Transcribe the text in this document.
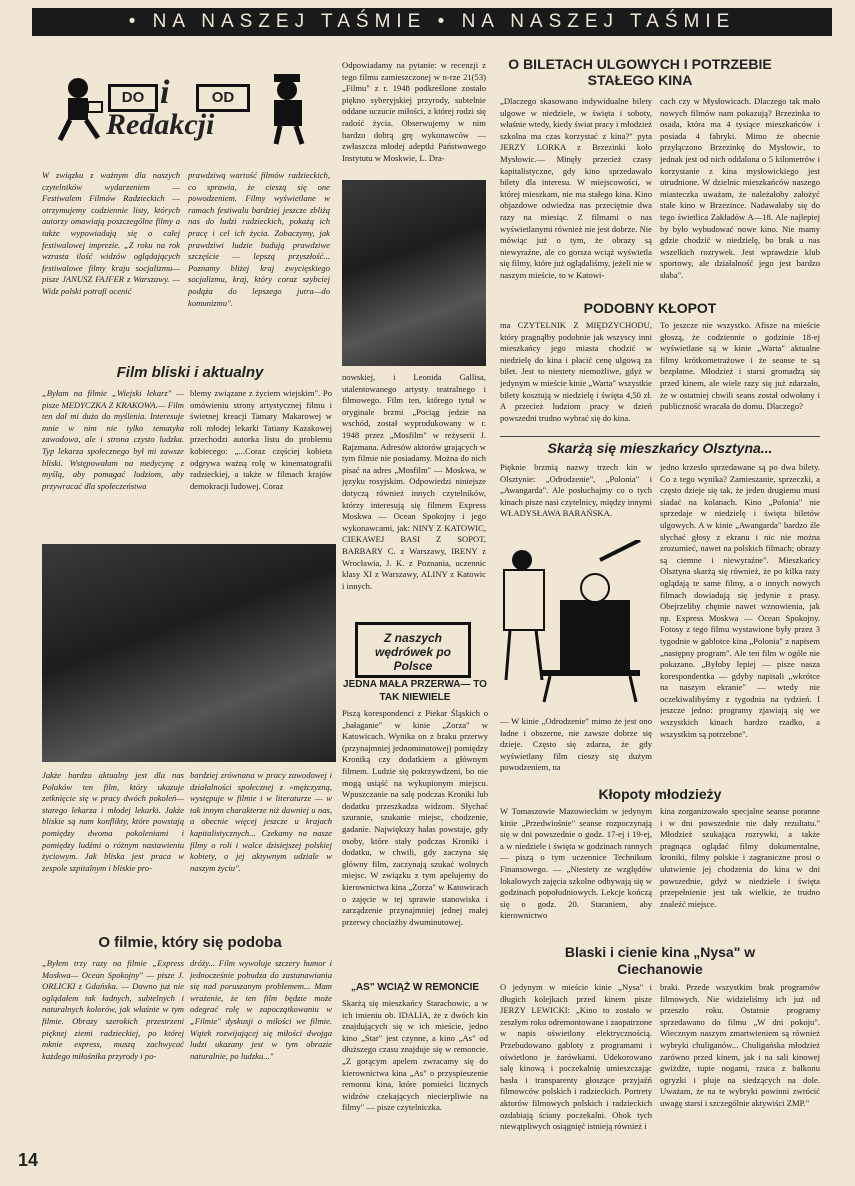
• NA NASZEJ TAŚMIE • NA NASZEJ TAŚMIE
DO i	OD
Redakcji
W związku z ważnym dla naszych czytelników wydarzeniem — Festiwalem Filmów Radzieckich — otrzymujemy codziennie listy, których autorzy omawiają poszczególne filmy a także wypowiadają się o całej festiwalowej imprezie. „Z roku na rok wzrasta ilość widzów oglądających festiwalowe filmy kraju socjalizmu—pisze JANUSZ FAJFER z Warszawy. — Widz polski potrafi ocenić
prawdziwą wartość filmów radzieckich, co sprawia, że cieszą się one powodzeniem. Filmy wyświetlane w ramach festiwalu bardziej jeszcze zbliżą nas do ludzi radzieckich, pokażą ich pracę i cel ich życia. Zobaczymy, jak prawdziwi ludzie budują prawdziwe szczęście — lepszą przyszłość... Poznamy bliżej kraj zwycięskiego socjalizmu, kraj, który coraz szybciej podąża do lepszego jutra—do komunizmu".
Film bliski i aktualny
„Byłam na filmie „Wiejski lekarz" — pisze MEDYCZKA Z KRAKOWA.— Film ten dał mi dużo do myślenia. Interesuje mnie w nim nie tylko tematyka zawodowa, ale i strona czysto ludzka. Typ lekarza społecznego był mi zawsze bliski. Wstępowałam na medycynę z myślą, aby pomagać ludziom, aby przywracać dla społeczeństwa
blemy związane z życiem wiejskim". Po omówieniu strony artystycznej filmu i świetnej kreacji Tamary Makarowej w roli młodej lekarki Tatiany Kazakowej przechodzi autorka listu do problemu kobiecego: „...Coraz częściej kobieta odgrywa ważną rolę w kinematografii radzieckiej, a także w filmach krajów demokracji ludowej. Coraz
Jakże bardzo aktualny jest dla nas Polaków ten film, który ukazuje zetknięcie się w pracy dwóch pokoleń—starego lekarza i młodej lekarki. Jakże bliskie są nam konflikty, które powstają pomiędzy dwoma pokoleniami i pomiędzy ludźmi o różnym nastawieniu życiowym. Jak bliska jest praca w zespole szpitalnym i bliskie pro-
bardziej zrównana w pracy zawodowej i działalności społecznej z »mężczyzną, występuje w filmie i w literaturze — w tak innym charakterze niż dawniej u nas, a obecnie więcej jeszcze u krajach kapitalistycznych... Czekamy na nasze filmy o roli i walce dzisiejszej polskiej kobiety, o jej aktywnym udziale w naszym życiu".
O filmie, który się podoba
„Byłem trzy razy na filmie „Express Moskwa— Ocean Spokojny" — pisze J. ORLICKI z Gdańska. — Dawno już nie oglądałem tak ładnych, subtelnych i naturalnych kolorów, jak właśnie w tym filmie. Obrazy szerokich przestrzeni pięknej ziemi radzieckiej, po której mknie express, muszą zachwycać każdego miłośnika przyrody i po-
dróży... Film wywołuje szczery humor i jednocześnie pobudza do zastanawiania się nad poruszanym problemem... Mam wrażenie, że ten film będzie może odegrać rolę w zapoczątkowaniu w „Filmie" dyskusji o miłości we filmie. Wątek rozwijającej się miłości dwojga ludzi ukazany jest w tym obrazie naturalnie, po ludzku..."
Odpowiadamy na pytanie: w recenzji z tego filmu zamieszczonej w n-rze 21(53) „Filmu" z r. 1948 podkreślone zostało piękno syberyjskiej przyrody, subtelnie oddane uczucie miłości, z której rodzi się radość życia. Obserwujemy w nim bardzo dobrą grę wykonawców — zwłaszcza młodej adeptki Państwowego Instytutu w Moskwie, L. Dra-
nowskiej, i Leonida Gallisa, utalentowanego artysty teatralnego i filmowego. Film ten, którego tytuł w oryginale brzmi „Pociąg jedzie na wschód, został wyprodukowany w r. 1948 przez „Mosfilm" w reżyserii J. Rajzmana. Adresów aktorów grających w tym filmie nie posiadamy. Można do nich pisać na adres „Mosfilm" — Moskwa, w języku rosyjskim. Odpowiedzi niniejsze dotyczą również innych czytelników, którzy interesują się filmem Express Moskwa — Ocean Spokojny i jego wykonawcami, jak: NINY Z KATOWIC, CIEKAWEJ BASI Z SOPOT, BARBARY C. z Warszawy, IRENY z Wrocławia, J. K. z Poznania, uczennic klasy XI z Warszawy, ALINY z Katowic i innych.
Z naszych wędrówek po Polsce
JEDNA MAŁA PRZERWA— TO TAK NIEWIELE
Piszą korespondenci z Piekar Śląskich o „bałaganie" w kinie „Zorza" w Katowicach. Wynika on z braku przerwy (przynajmniej jednominutowej) pomiędzy Kroniką czy dodatkiem a głównym filmem. Ludzie się pokrzywdzeni, bo nie mogą usiąść na wykupionym miejscu. Wpuszczanie na salę podczas Kroniki lub dodatku przeszkadza widzom. Słychać szuranie, szukanie miejsc, chodzenie, gadanie. Największy hałas powstaje, gdy osoby, które stały podczas Kroniki i dodatku, w chwili, gdy zaczyna się główny film, zaczynają szukać wolnych miejsc. W związku z tym apelujemy do kierownictwa kina „Zorza" w Katowicach o zajęcie w tej sprawie stanowiska i zarządzenie przynajmniej jednej małej przerwy chociażby dwuminutowej.
„AS" WCIĄŻ W REMONCIE
Skarżą się mieszkańcy Starachowic, a w ich imieniu ob. IDALIA, że z dwóch kin znajdujących się w ich mieście, jedno kino „Star" jest czynne, a kino „As" od dłuższego czasu znajduje się w remoncie. „Z gorącym apelem zwracamy się do kierownictwa kina „As" o przyspieszenie remontu kina, które pomieści licznych widzów czekających niecierpliwie na filmy" — pisze czytelniczka.
O BILETACH ULGOWYCH I POTRZEBIE STAŁEGO KINA
„Dlaczego skasowano indywidualne bilety ulgowe w niedziele, w święta i soboty, właśnie wtedy, kiedy świat pracy i młodzież szkolna ma czas korzystać z kina?" pyta JERZY LORKA z Brzezinki koło Mysłowic.— Minęły przecież czasy kapitalistyczne, gdy kino sprzedawało bilety dla interesu. W miejscowości, w której mieszkam, nie ma stałego kina. Kino objazdowe odwiedza nas przeciętnie dwa razy na miesiąc. Z filmami o nas wyświetlanymi również nie jest dobrze. Nie mówiąc już o tym, że obrazy są niewyraźne, ale co gorsza wciąż wyświetla się filmy, które już oglądaliśmy, jeżeli nie w naszym mieście, to w Katowi-
cach czy w Mysłowicach. Dlaczego tak mało nowych filmów nam pokazują? Brzezinka to osada, która ma 4 tysiące mieszkańców i posiada 4 fabryki. Mimo że obecnie przyłączono Brzezinkę do Mysłowic, to jednak jest od nich oddalona o 5 kilometrów i korzystanie z kina mysłowickiego jest utrudnione. W dzielnic mieszkańców naszego miasteczka uważam, że należałoby założyć stałe kino w Brzezince. Nadawałaby się do tego świetlica Zakładów A—18. Ale najlepiej by było wybudować nowe kino. Nie mamy gdzie chodzić w niedzielę, bo brak u nas wszelkich rozrywek. Jest wprawdzie klub sportowy, ale działalność jego jest bardzo słaba".
PODOBNY KŁOPOT
ma CZYTELNIK Z MIĘDZYCHODU, który pragnąłby podobnie jak wszyscy inni mieszkańcy jego miasta chodzić w niedzielę do kina i płacić cenę ulgową za bilet. Jest to niestety niemożliwe, gdyż w jedynym w mieście kinie „Warta" wszystkie bilety kosztują w niedzielę i święta 4,50 zł. A przecież ludziom pracy w dzień powszedni trudno wybrać się do kina.
To jeszcze nie wszystko. Afisze na mieście głoszą, że codziennie o godzinie 18-ej wyświetlane są w kinie „Warta" aktualne filmy krótkometrażowe i że seanse te są bezpłatne. Młodzież i starsi gromadzą się przed kinem, ale wiele razy się już zdarzało, że w ostatniej chwili seans został odwołany i publiczność wracała do domu. Dlaczego?
Skarżą się mieszkańcy Olsztyna...
Pięknie brzmią nazwy trzech kin w Olsztynie: „Odrodzenie", „Polonia" i „Awangarda". Ale posłuchajmy co o tych kinach pisze nasi czytelnicy, między innymi WŁADYSŁAWA BARAŃSKA.
— W kinie „Odrodzenie" mimo że jest ono ładne i obszerne, nie zawsze dobrze się dzieje. Często się zdarza, że gdy wyświetlany film cieszy się dużym powodzeniem, na
jedno krzesło sprzedawane są po dwa bilety. Co z tego wynika? Zamieszanie, sprzeczki, a często dzieje się tak, że jeden drugiemu musi siadać na kolanach. Kino „Polonia" nie sprzedaje w niedzielę i święta biletów ulgowych. A w kinie „Awangarda" bardzo źle słychać głosy z ekranu i nic nie można zrozumieć, nawet na polskich filmach; obrazy są ciemne i niewyraźne". Mieszkańcy Olsztyna skarżą się również, że po kilka razy oglądają te same filmy, a o innych nowych filmach dowiadują się jedynie z prasy. Obejrzeliby chętnie nawet wznowienia, jak np. Express Moskwa — Ocean Spokojny. Fotosy z tego filmu wystawione były przez 3 tygodnie w gablotce kina „Polonia" z napisem „następny program". Ale ten film w ogóle nie pokazano. „Byłoby lepiej — pisze nasza korespondentka — gdyby napisali „wkrótce na naszym ekranie" — wtedy nie oczekiwalibyśmy z tygodnia na tydzień. I jeszcze jedno: programy zjawiają się we wszystkich kinach bardzo rzadko, a wszystkim są potrzebne".
Kłopoty młodzieży
W Tomaszowie Mazowieckim w jedynym kinie „Przedwiośnie" seanse rozpoczynają się w dni powszednie o godz. 17-ej i 19-ej, a w niedziele i święta w godzinach rannych — piszą o tym uczennice Technikum Finansowego. — „Niestety ze względów lokalowych zajęcia szkolne odbywają się w godzinach popołudniowych. Lekcje kończą się o godz. 20. Staraniem, aby kierownictwo
kina zorganizowało specjalne seanse poranne i w dni powszednie nie dały rezultatu." Młodzież szukająca rozrywki, a także pragnąca oglądać filmy dokumentalne, kroniki, filmy polskie i zagraniczne prosi o ułatwienie jej chodzenia do kina w dni powszednie, gdyż w niedziele i święta przepełnienie jest tak wielkie, że trudno znaleźć miejsce.
Blaski i cienie kina „Nysa" w Ciechanowie
O jedynym w mieście kinie „Nysa" i długich kolejkach przed kinem pisze JERZY LEWICKI: „Kino to zostało w zeszłym roku odremontowane i zaopatrzone w napis oświetlony elektrycznością. Przebudowano gabloty z programami i oświetlono je żarówkami. Udekorowano salę kinową i poczekalnię umieszczając hasła i transparenty głoszące przyjaźń filmowców polskich i radzieckich. Portrety aktorów filmowych polskich i radzieckich ozdabiają ściany poczekalni. Obok tych niewątpliwych osiągnięć istnieją również i
braki. Przede wszystkim brak programów filmowych. Nie widzieliśmy ich już od przeszło roku. Ostatnie programy sprzedawano do filmu „W dni pokoju". Wiecznym naszym zmartwieniem są również wybryki chuliganów... Chuligańska młodzież zarówno przed kinem, jak i na sali kinowej gwiżdże, tupie nogami, rzuca z balkonu ogryzki i pluje na siedzących na dole. Uważam, że na te wybryki powinni zwrócić uwagę starsi i szczególnie aktywiści ZMP."
14
